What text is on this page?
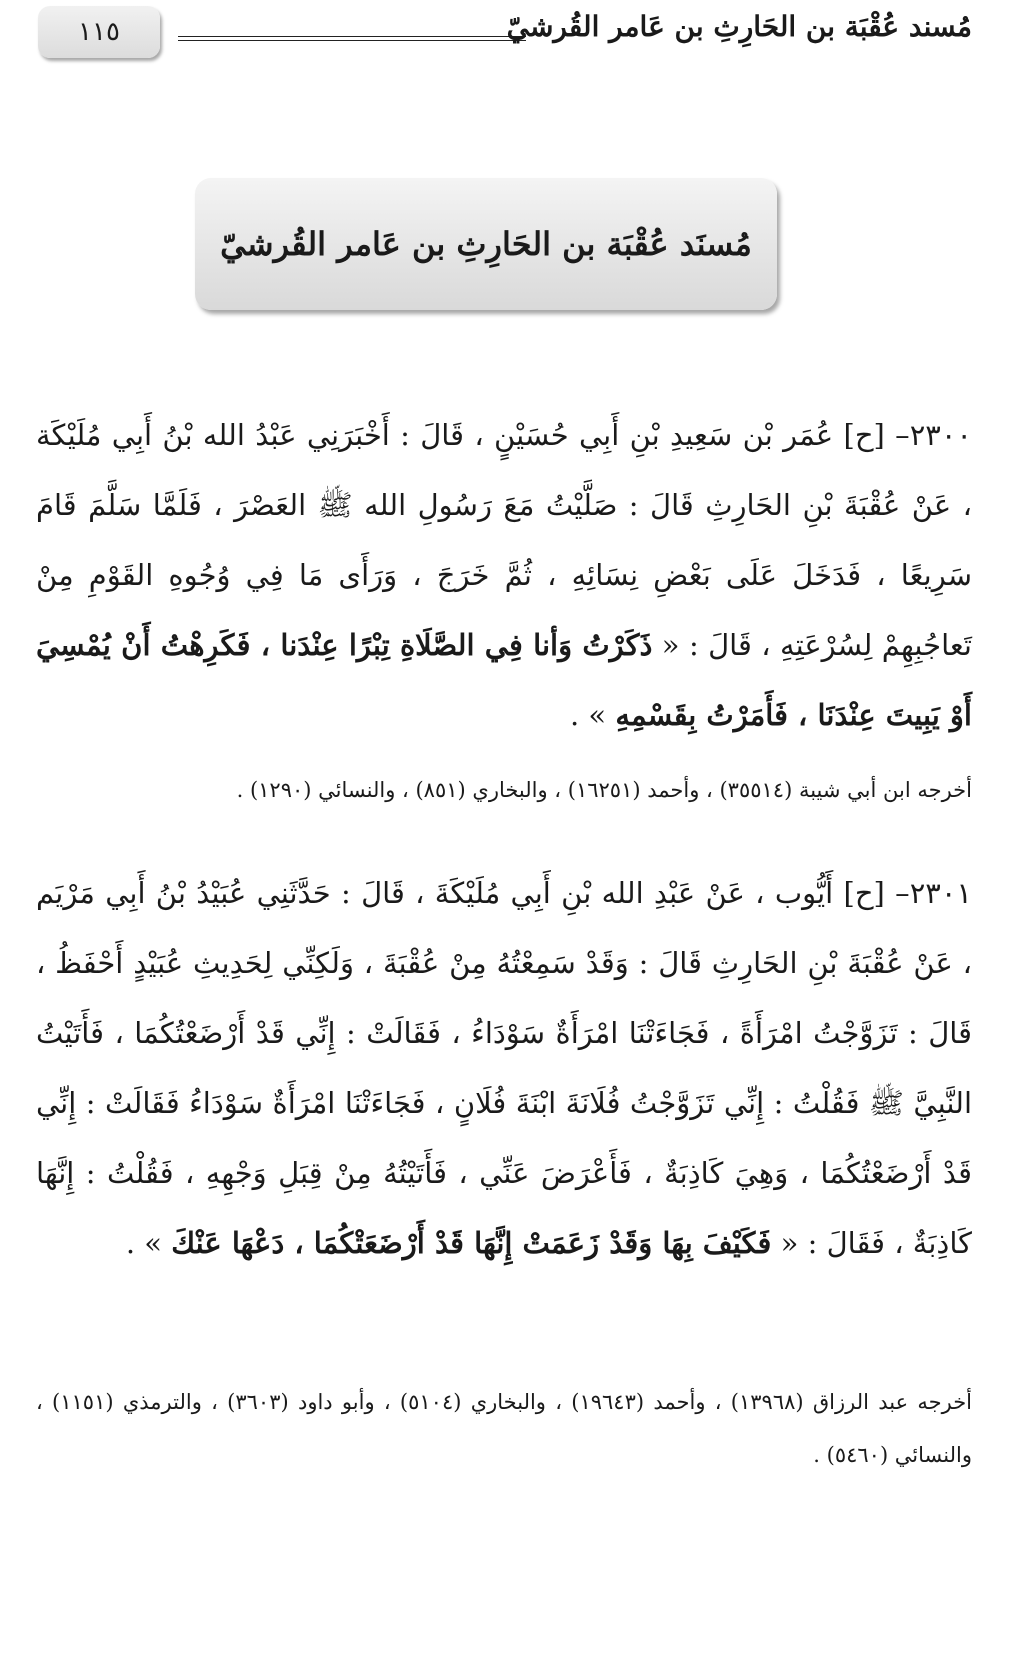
١١٥	مُسند عُقْبَة بن الحَارِثِ بن عَامر القُرشيّ
مُسنَد عُقْبَة بن الحَارِثِ بن عَامر القُرشيّ
٢٣٠٠– [ح] عُمَر بْن سَعِيدِ بْنِ أَبِي حُسَيْنٍ ، قَالَ : أَخْبَرَنِي عَبْدُ الله بْنُ أَبِي مُلَيْكَة ، عَنْ عُقْبَةَ بْنِ الحَارِثِ قَالَ : صَلَّيْتُ مَعَ رَسُولِ الله ﷺ العَصْرَ ، فَلَمَّا سَلَّمَ قَامَ سَرِيعًا ، فَدَخَلَ عَلَى بَعْضِ نِسَائِهِ ، ثُمَّ خَرَجَ ، وَرَأَى مَا فِي وُجُوهِ القَوْمِ مِنْ تَعاجُبِهِمْ لِسُرْعَتِهِ ، قَالَ : « ذَكَرْتُ وَأنا فِي الصَّلَاةِ تِبْرًا عِنْدَنا ، فَكَرِهْتُ أَنْ يُمْسِيَ أَوْ يَبِيتَ عِنْدَنَا ، فَأَمَرْتُ بِقَسْمِهِ » .
أخرجه ابن أبي شيبة (٣٥٥١٤) ، وأحمد (١٦٢٥١) ، والبخاري (٨٥١) ، والنسائي (١٢٩٠) .
٢٣٠١– [ح] أَيُّوب ، عَنْ عَبْدِ الله بْنِ أَبِي مُلَيْكَةَ ، قَالَ : حَدَّثَنِي عُبَيْدُ بْنُ أَبِي مَرْيَم ، عَنْ عُقْبَةَ بْنِ الحَارِثِ قَالَ : وَقَدْ سَمِعْتُهُ مِنْ عُقْبَةَ ، وَلَكِنِّي لِحَدِيثِ عُبَيْدٍ أَحْفَظُ ، قَالَ : تَزَوَّجْتُ امْرَأَةً ، فَجَاءَتْنَا امْرَأَةٌ سَوْدَاءُ ، فَقَالَتْ : إِنِّي قَدْ أَرْضَعْتُكُمَا ، فَأَتَيْتُ النَّبِيَّ ﷺ فَقُلْتُ : إِنِّي تَزَوَّجْتُ فُلَانَةَ ابْنَةَ فُلَانٍ ، فَجَاءَتْنَا امْرَأَةٌ سَوْدَاءُ فَقَالَتْ : إِنِّي قَدْ أَرْضَعْتُكُمَا ، وَهِيَ كَاذِبَةٌ ، فَأَعْرَضَ عَنِّي ، فَأَتَيْتُهُ مِنْ قِبَلِ وَجْهِهِ ، فَقُلْتُ : إِنَّهَا كَاذِبَةٌ ، فَقَالَ : « فَكَيْفَ بِهَا وَقَدْ زَعَمَتْ إِنَّهَا قَدْ أَرْضَعَتْكُمَا ، دَعْهَا عَنْكَ » .
أخرجه عبد الرزاق (١٣٩٦٨) ، وأحمد (١٩٦٤٣) ، والبخاري (٥١٠٤) ، وأبو داود (٣٦٠٣) ، والترمذي (١١٥١) ، والنسائي (٥٤٦٠) .
